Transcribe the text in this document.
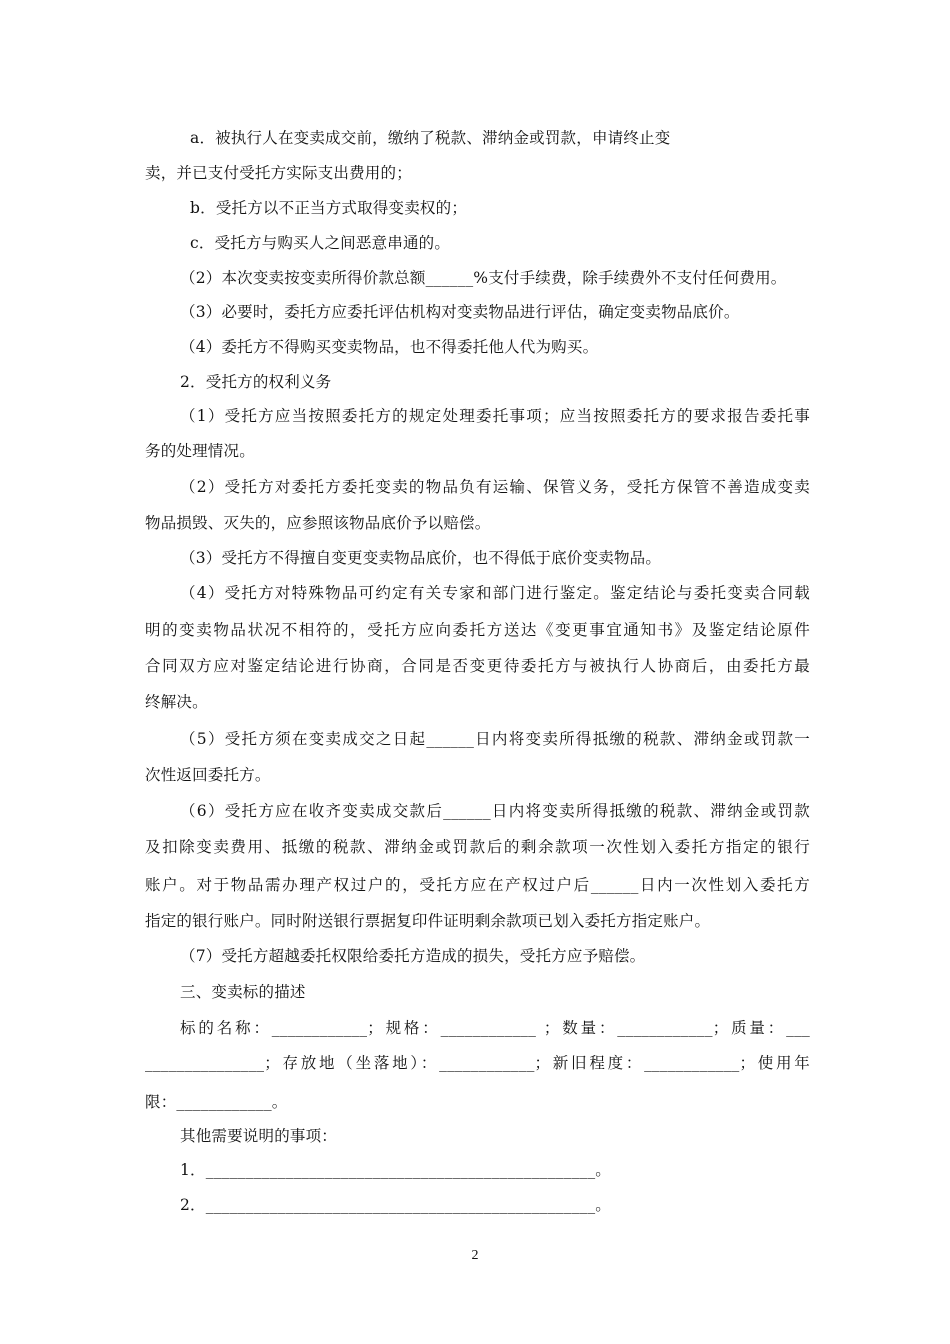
a．被执行人在变卖成交前，缴纳了税款、滞纳金或罚款，申请终止变
卖，并已支付受托方实际支出费用的；
b．受托方以不正当方式取得变卖权的；
c．受托方与购买人之间恶意串通的。
（2）本次变卖按变卖所得价款总额______%支付手续费，除手续费外不支付任何费用。
（3）必要时，委托方应委托评估机构对变卖物品进行评估，确定变卖物品底价。
（4）委托方不得购买变卖物品，也不得委托他人代为购买。
2．受托方的权利义务
（1）受托方应当按照委托方的规定处理委托事项；应当按照委托方的要求报告委托事
务的处理情况。
（2）受托方对委托方委托变卖的物品负有运输、保管义务，受托方保管不善造成变卖
物品损毁、灭失的，应参照该物品底价予以赔偿。
（3）受托方不得擅自变更变卖物品底价，也不得低于底价变卖物品。
（4）受托方对特殊物品可约定有关专家和部门进行鉴定。鉴定结论与委托变卖合同载
明的变卖物品状况不相符的，受托方应向委托方送达《变更事宜通知书》及鉴定结论原件
合同双方应对鉴定结论进行协商，合同是否变更待委托方与被执行人协商后，由委托方最
终解决。
（5）受托方须在变卖成交之日起______日内将变卖所得抵缴的税款、滞纳金或罚款一
次性返回委托方。
（6）受托方应在收齐变卖成交款后______日内将变卖所得抵缴的税款、滞纳金或罚款
及扣除变卖费用、抵缴的税款、滞纳金或罚款后的剩余款项一次性划入委托方指定的银行
账户。对于物品需办理产权过户的，受托方应在产权过户后______日内一次性划入委托方
指定的银行账户。同时附送银行票据复印件证明剩余款项已划入委托方指定账户。
（7）受托方超越委托权限给委托方造成的损失，受托方应予赔偿。
三、变卖标的描述
标的名称：____________；规格：____________ ；数量：____________；质量：___
_______________；存放地（坐落地）：____________；新旧程度：____________；使用年
限：____________。
其他需要说明的事项：
1．_________________________________________________。
2．_________________________________________________。
2
